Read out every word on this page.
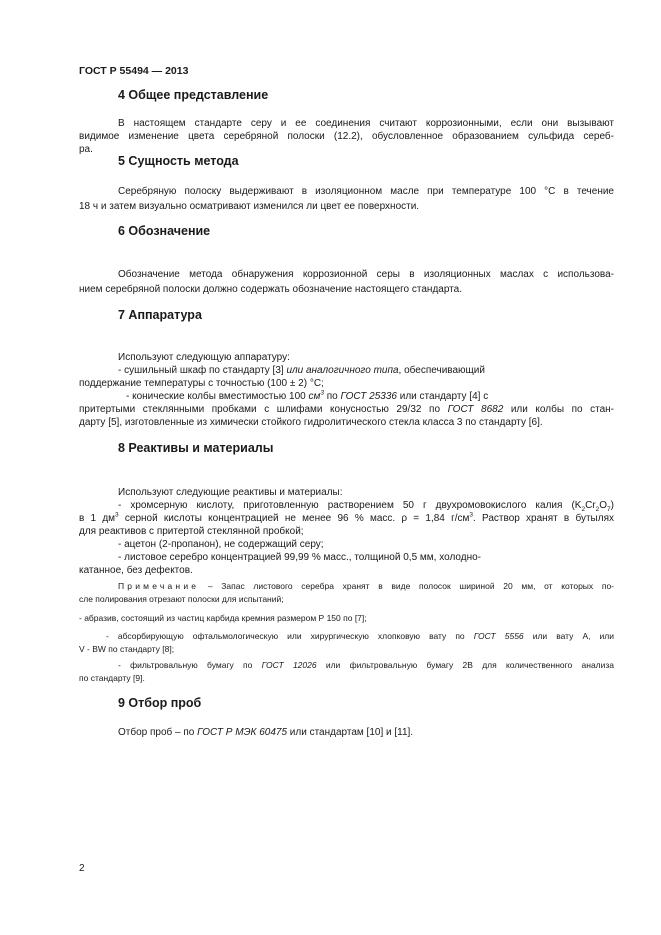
ГОСТ Р 55494 — 2013
4 Общее представление
В настоящем стандарте серу и ее соединения считают коррозионными, если они вызывают
видимое изменение цвета серебряной полоски (12.2), обусловленное образованием сульфида сереб-
ра.
5 Сущность метода
Серебряную полоску выдерживают в изоляционном масле при температуре 100 °С в течение
18 ч и затем визуально осматривают изменился ли цвет ее поверхности.
6 Обозначение
Обозначение метода обнаружения коррозионной серы в изоляционных маслах с использова-
нием серебряной полоски должно содержать обозначение настоящего стандарта.
7 Аппаратура
Используют следующую аппаратуру:
- сушильный шкаф по стандарту [3] или аналогичного типа, обеспечивающий
поддержание температуры с точностью (100 ± 2) °С;
- конические колбы вместимостью 100 $см^3$ по ГОСТ 25336 или стандарту [4] с
притертыми стеклянными пробками с шлифами конусностью 29/32 по ГОСТ 8682 или колбы по стан-
дарту [5], изготовленные из химически стойкого гидролитического стекла класса 3 по стандарту [6].
8 Реактивы и материалы
Используют следующие реактивы и материалы:
- хромсерную кислоту, приготовленную растворением 50 г двухромовокислого калия $(K_2Cr_2O_7)$
в 1 $дм^3$ серной кислоты концентрацией не менее 96 % масс. ρ = 1,84 $г/см^3$. Раствор хранят в бутылях
для реактивов с притертой стеклянной пробкой;
- ацетон (2-пропанон), не содержащий серу;
- листовое серебро концентрацией 99,99 % масс., толщиной 0,5 мм, холодно-
катанное, без дефектов.
Примечание – Запас листового серебра хранят в виде полосок шириной 20 мм, от которых по-
сле полирования отрезают полоски для испытаний;
- абразив, состоящий из частиц карбида кремния размером Р 150 по [7];
- абсорбирующую офтальмологическую или хирургическую хлопковую вату по ГОСТ 5556 или вату А, или
V - BW по стандарту [8];
- фильтровальную бумагу по ГОСТ 12026 или фильтровальную бумагу 2В для количественного анализа
по стандарту [9].
9 Отбор проб
Отбор проб – по ГОСТ Р МЭК 60475 или стандартам [10] и [11].
2
